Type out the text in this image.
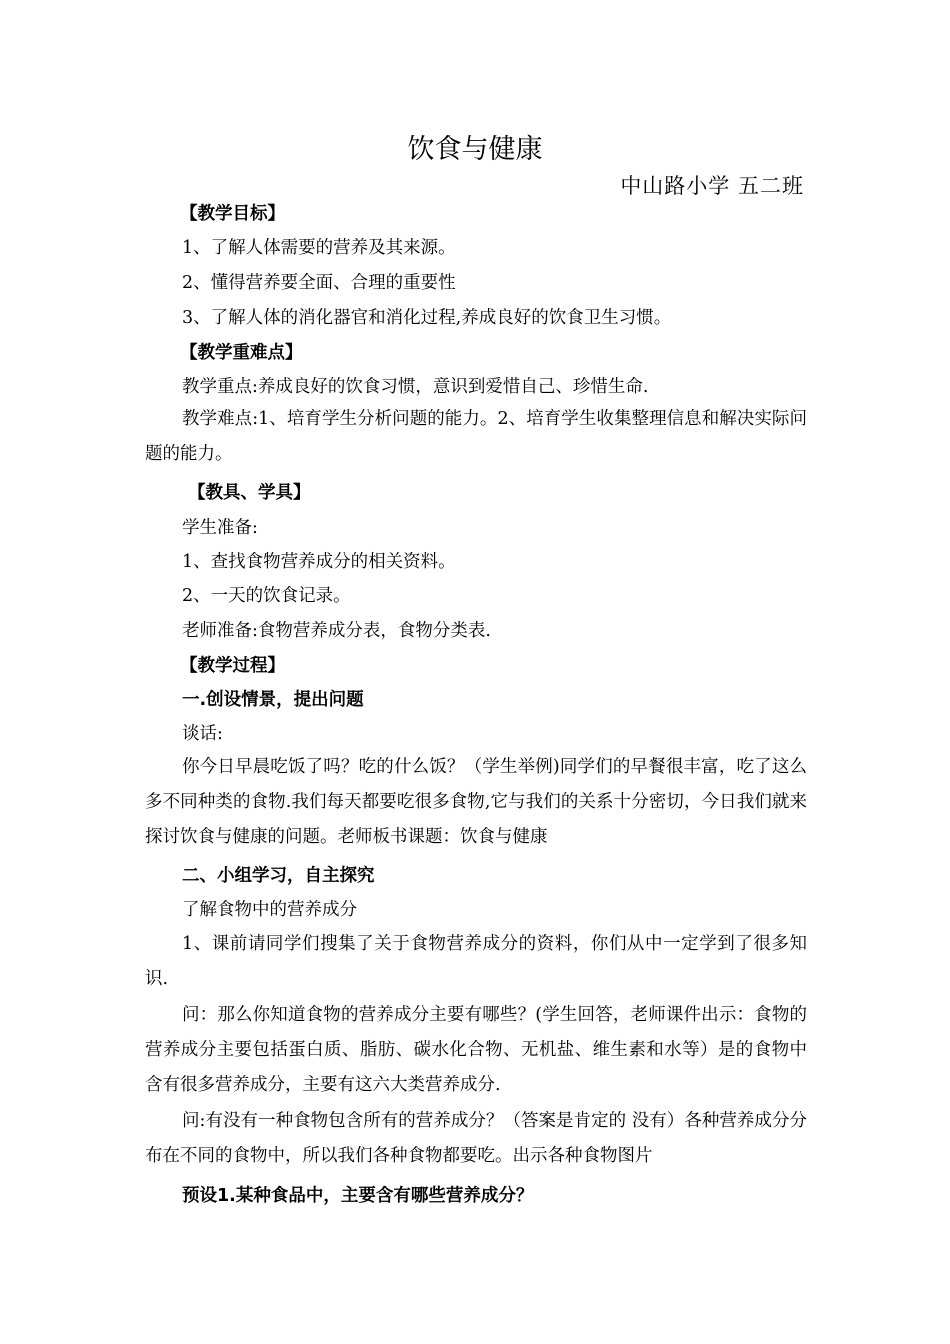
饮食与健康
中山路小学 五二班
【教学目标】
1、了解人体需要的营养及其来源。
2、懂得营养要全面、合理的重要性
3、了解人体的消化器官和消化过程,养成良好的饮食卫生习惯。
【教学重难点】
教学重点:养成良好的饮食习惯，意识到爱惜自己、珍惜生命.

教学难点:1、培育学生分析问题的能力。2、培育学生收集整理信息和解决实际问题的能力。

【教具、学具】
学生准备:
1、查找食物营养成分的相关资料。
2、一天的饮食记录。
老师准备:食物营养成分表，食物分类表.
【教学过程】
一.创设情景，提出问题
谈话:

你今日早晨吃饭了吗？吃的什么饭？（学生举例)同学们的早餐很丰富，吃了这么多不同种类的食物.我们每天都要吃很多食物,它与我们的关系十分密切，今日我们就来探讨饮食与健康的问题。老师板书课题：饮食与健康

二、小组学习，自主探究
了解食物中的营养成分

1、课前请同学们搜集了关于食物营养成分的资料，你们从中一定学到了很多知识.

问：那么你知道食物的营养成分主要有哪些？(学生回答，老师课件出示：食物的营养成分主要包括蛋白质、脂肪、碳水化合物、无机盐、维生素和水等）是的食物中含有很多营养成分，主要有这六大类营养成分.

问:有没有一种食物包含所有的营养成分？（答案是肯定的 没有）各种营养成分分布在不同的食物中，所以我们各种食物都要吃。出示各种食物图片

预设1.某种食品中，主要含有哪些营养成分？
